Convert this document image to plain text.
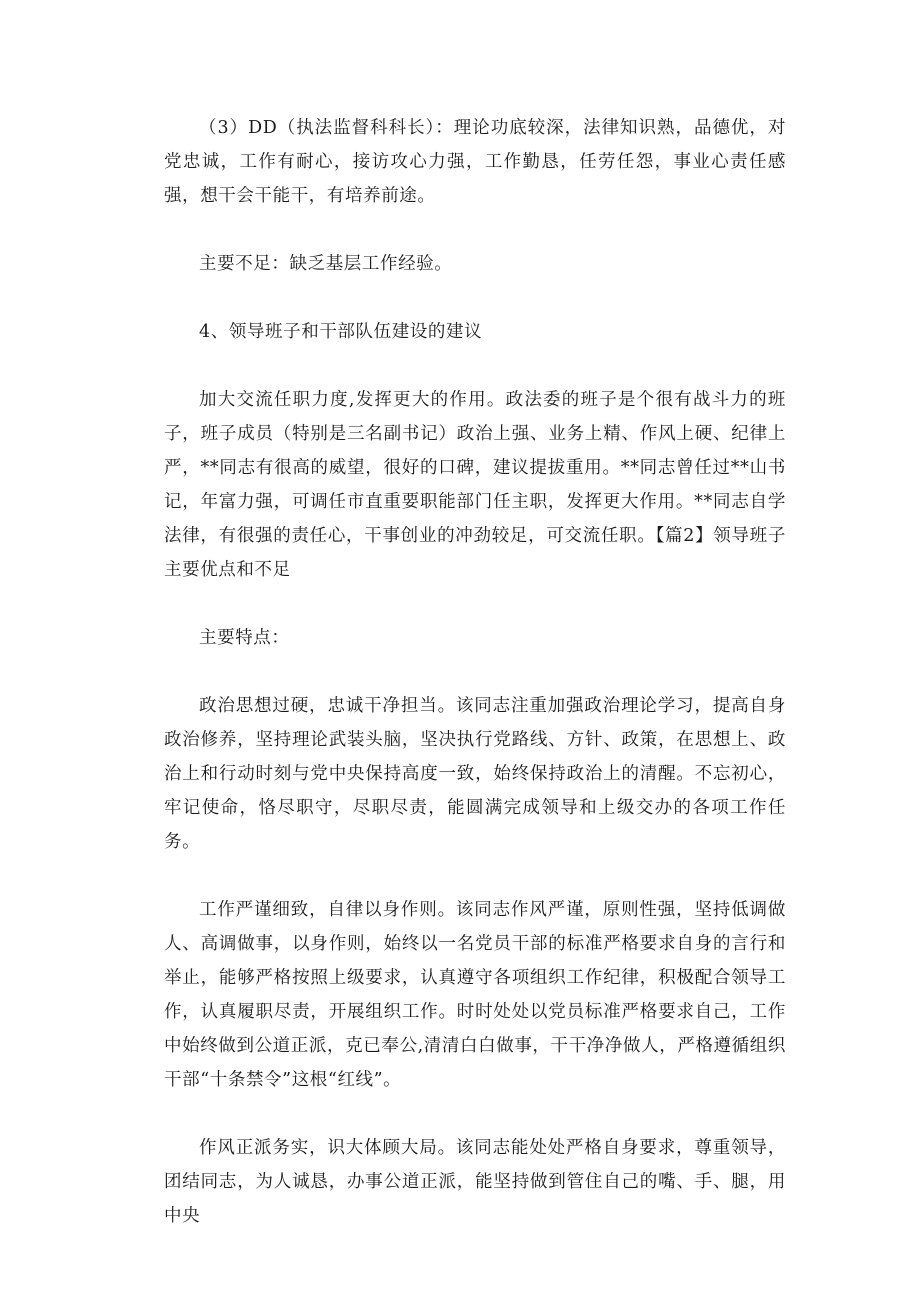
（3）DD（执法监督科科长）：理论功底较深，法律知识熟，品德优，对党忠诚，工作有耐心，接访攻心力强，工作勤恳，任劳任怨，事业心责任感强，想干会干能干，有培养前途。

主要不足：缺乏基层工作经验。

4、领导班子和干部队伍建设的建议

加大交流任职力度,发挥更大的作用。政法委的班子是个很有战斗力的班子，班子成员（特别是三名副书记）政治上强、业务上精、作风上硬、纪律上严，**同志有很高的威望，很好的口碑，建议提拔重用。**同志曾任过**山书记，年富力强，可调任市直重要职能部门任主职，发挥更大作用。**同志自学法律，有很强的责任心，干事创业的冲劲较足，可交流任职。【篇2】领导班子主要优点和不足

主要特点：

政治思想过硬，忠诚干净担当。该同志注重加强政治理论学习，提高自身政治修养，坚持理论武装头脑，坚决执行党路线、方针、政策，在思想上、政治上和行动时刻与党中央保持高度一致，始终保持政治上的清醒。不忘初心，牢记使命，恪尽职守，尽职尽责，能圆满完成领导和上级交办的各项工作任务。

工作严谨细致，自律以身作则。该同志作风严谨，原则性强，坚持低调做人、高调做事，以身作则，始终以一名党员干部的标准严格要求自身的言行和举止，能够严格按照上级要求，认真遵守各项组织工作纪律，积极配合领导工作，认真履职尽责，开展组织工作。时时处处以党员标准严格要求自己，工作中始终做到公道正派，克已奉公,清清白白做事，干干净净做人，严格遵循组织干部“十条禁令”这根“红线”。

作风正派务实，识大体顾大局。该同志能处处严格自身要求，尊重领导，团结同志，为人诚恳，办事公道正派，能坚持做到管住自己的嘴、手、腿，用中央
